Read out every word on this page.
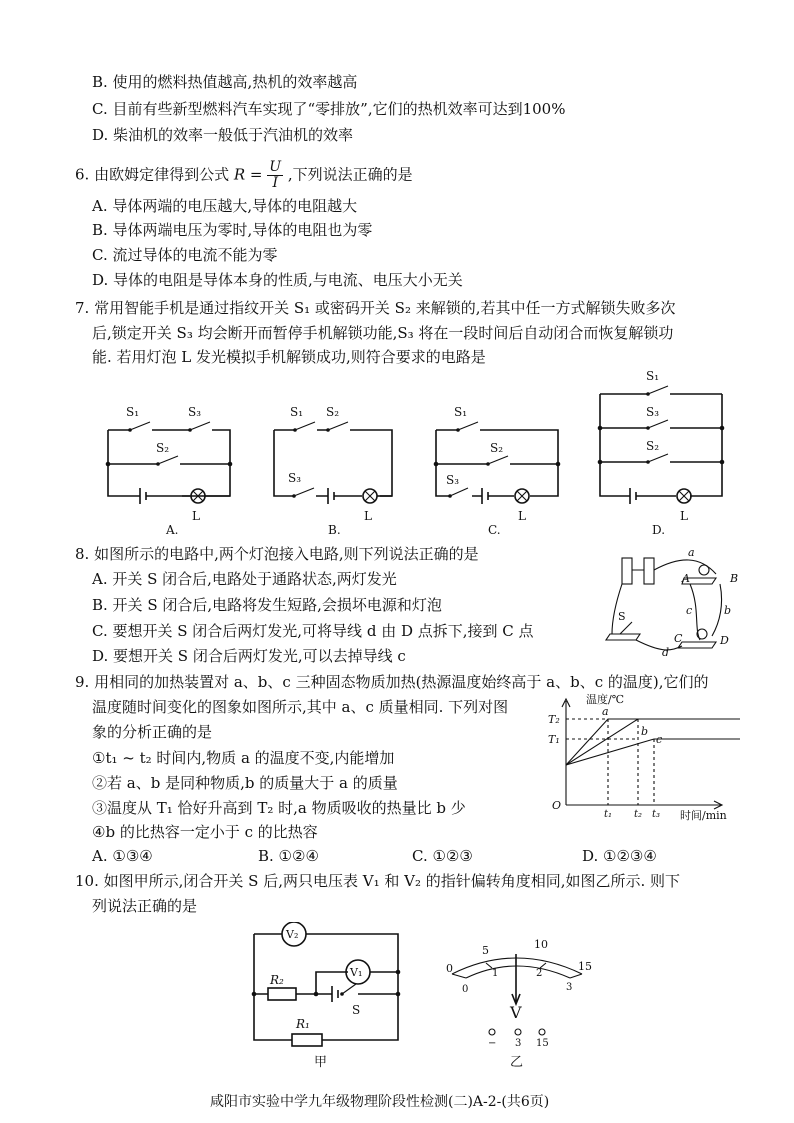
B. 使用的燃料热值越高,热机的效率越高
C. 目前有些新型燃料汽车实现了“零排放”,它们的热机效率可达到100%
D. 柴油机的效率一般低于汽油机的效率
6. 由欧姆定律得到公式 $R = \frac{U}{I}$ ,下列说法正确的是
A. 导体两端的电压越大,导体的电阻越大
B. 导体两端电压为零时,导体的电阻也为零
C. 流过导体的电流不能为零
D. 导体的电阻是导体本身的性质,与电流、电压大小无关
7. 常用智能手机是通过指纹开关 S₁ 或密码开关 S₂ 来解锁的,若其中任一方式解锁失败多次
后,锁定开关 S₃ 均会断开而暂停手机解锁功能,S₃ 将在一段时间后自动闭合而恢复解锁功
能. 若用灯泡 L 发光模拟手机解锁成功,则符合要求的电路是
S₁	S₃
S₂
L
A.
S₁ S₂
S₃
L
B.
S₁
S₂
S₃
L
C.
S₁
S₃
S₂
L
D.
8. 如图所示的电路中,两个灯泡接入电路,则下列说法正确的是
A. 开关 S 闭合后,电路处于通路状态,两灯发光
B. 开关 S 闭合后,电路将发生短路,会损坏电源和灯泡
C. 要想开关 S 闭合后两灯发光,可将导线 d 由 D 点拆下,接到 C 点
D. 要想开关 S 闭合后两灯发光,可以去掉导线 c
a
A	B
c	b
C	D
d
S
9. 用相同的加热装置对 a、b、c 三种固态物质加热(热源温度始终高于 a、b、c 的温度),它们的
温度随时间变化的图象如图所示,其中 a、c 质量相同. 下列对图
象的分析正确的是
①t₁ ~ t₂ 时间内,物质 a 的温度不变,内能增加
②若 a、b 是同种物质,b 的质量大于 a 的质量
③温度从 T₁ 恰好升高到 T₂ 时,a 物质吸收的热量比 b 少
④b 的比热容一定小于 c 的比热容
A. ①③④	B. ①②④	C. ①②③	D. ①②③④
温度/℃
a
b
c
T₂
T₁
O
t₁ t₂ t₃ 时间/min
10. 如图甲所示,闭合开关 S 后,两只电压表 V₁ 和 V₂ 的指针偏转角度相同,如图乙所示. 则下
列说法正确的是
V₂
V₁
R₂
R₁
S
甲
0
5	10
15
0
1	2
3
V
− 3 15
乙
咸阳市实验中学九年级物理阶段性检测(二)A-2-(共6页)
